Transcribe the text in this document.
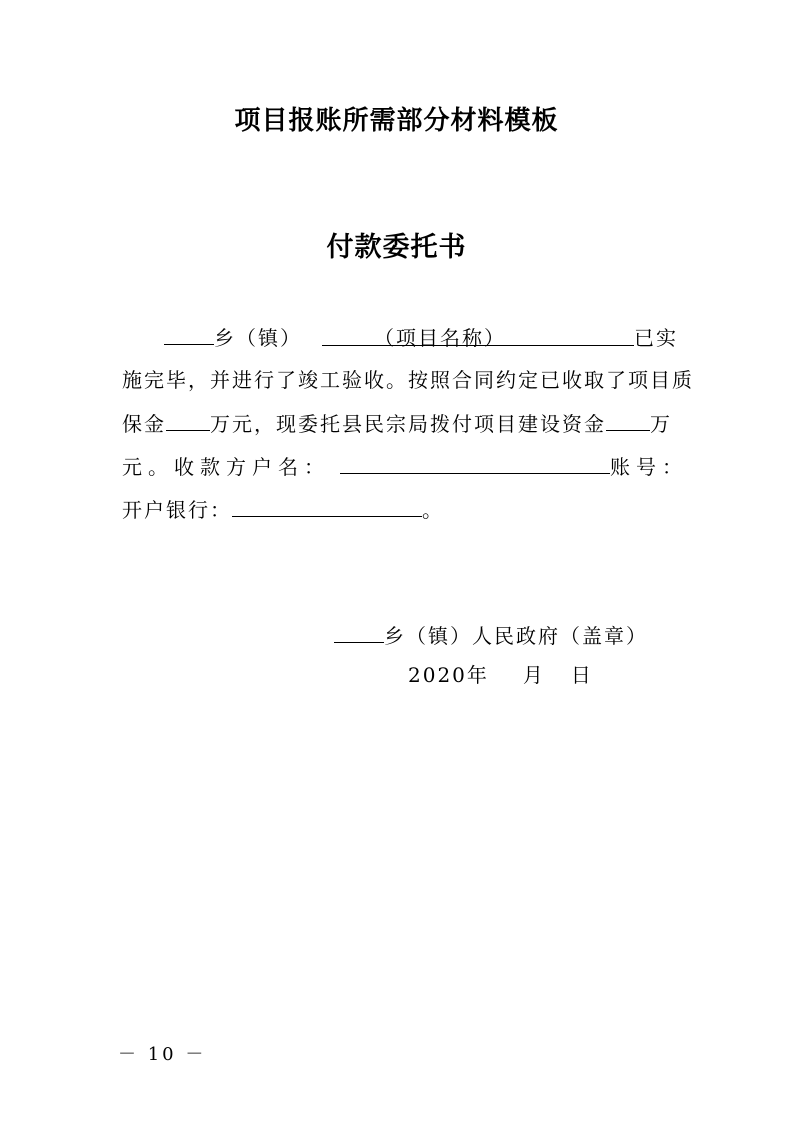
项目报账所需部分材料模板
付款委托书
乡（镇）	（项目名称）	已实
施完毕，并进行了竣工验收。按照合同约定已收取了项目质
保金 万元，现委托县民宗局拨付项目建设资金 万
元。收款方户名：	账号：
开户银行：	。
乡（镇）人民政府（盖章）
2020年 月 日
－ 10 －
